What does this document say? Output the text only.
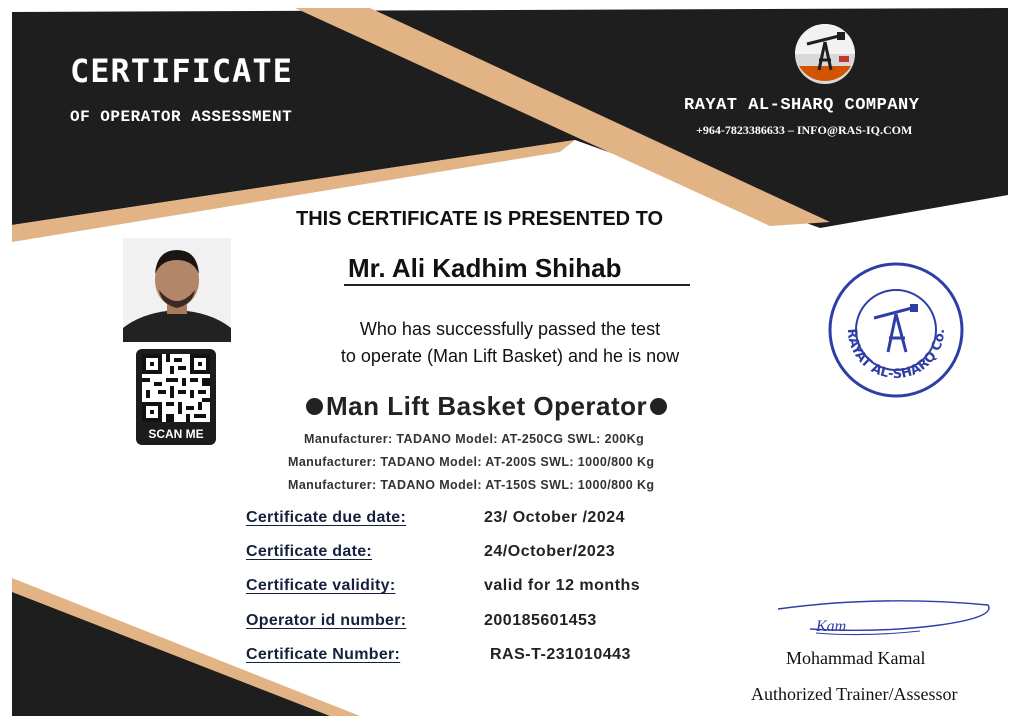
CERTIFICATE
OF OPERATOR ASSESSMENT
RAYAT AL-SHARQ COMPANY
+964-7823386633 – INFO@RAS-IQ.COM
THIS CERTIFICATE IS PRESENTED TO
Mr. Ali Kadhim Shihab
Who has successfully passed the test
to operate (Man Lift Basket) and he is now
Man Lift Basket Operator
Manufacturer: TADANO Model: AT-250CG SWL: 200Kg
Manufacturer: TADANO Model: AT-200S SWL: 1000/800 Kg
Manufacturer: TADANO Model: AT-150S SWL: 1000/800 Kg
Certificate due date:	23/ October /2024
Certificate date:	24/October/2023
Certificate validity:	valid for 12 months
Operator id number:	200185601453
Certificate Number:	RAS-T-231010443
SCAN ME
RAYAT AL-SHARQ Co.
Kam
Mohammad Kamal
Authorized Trainer/Assessor
